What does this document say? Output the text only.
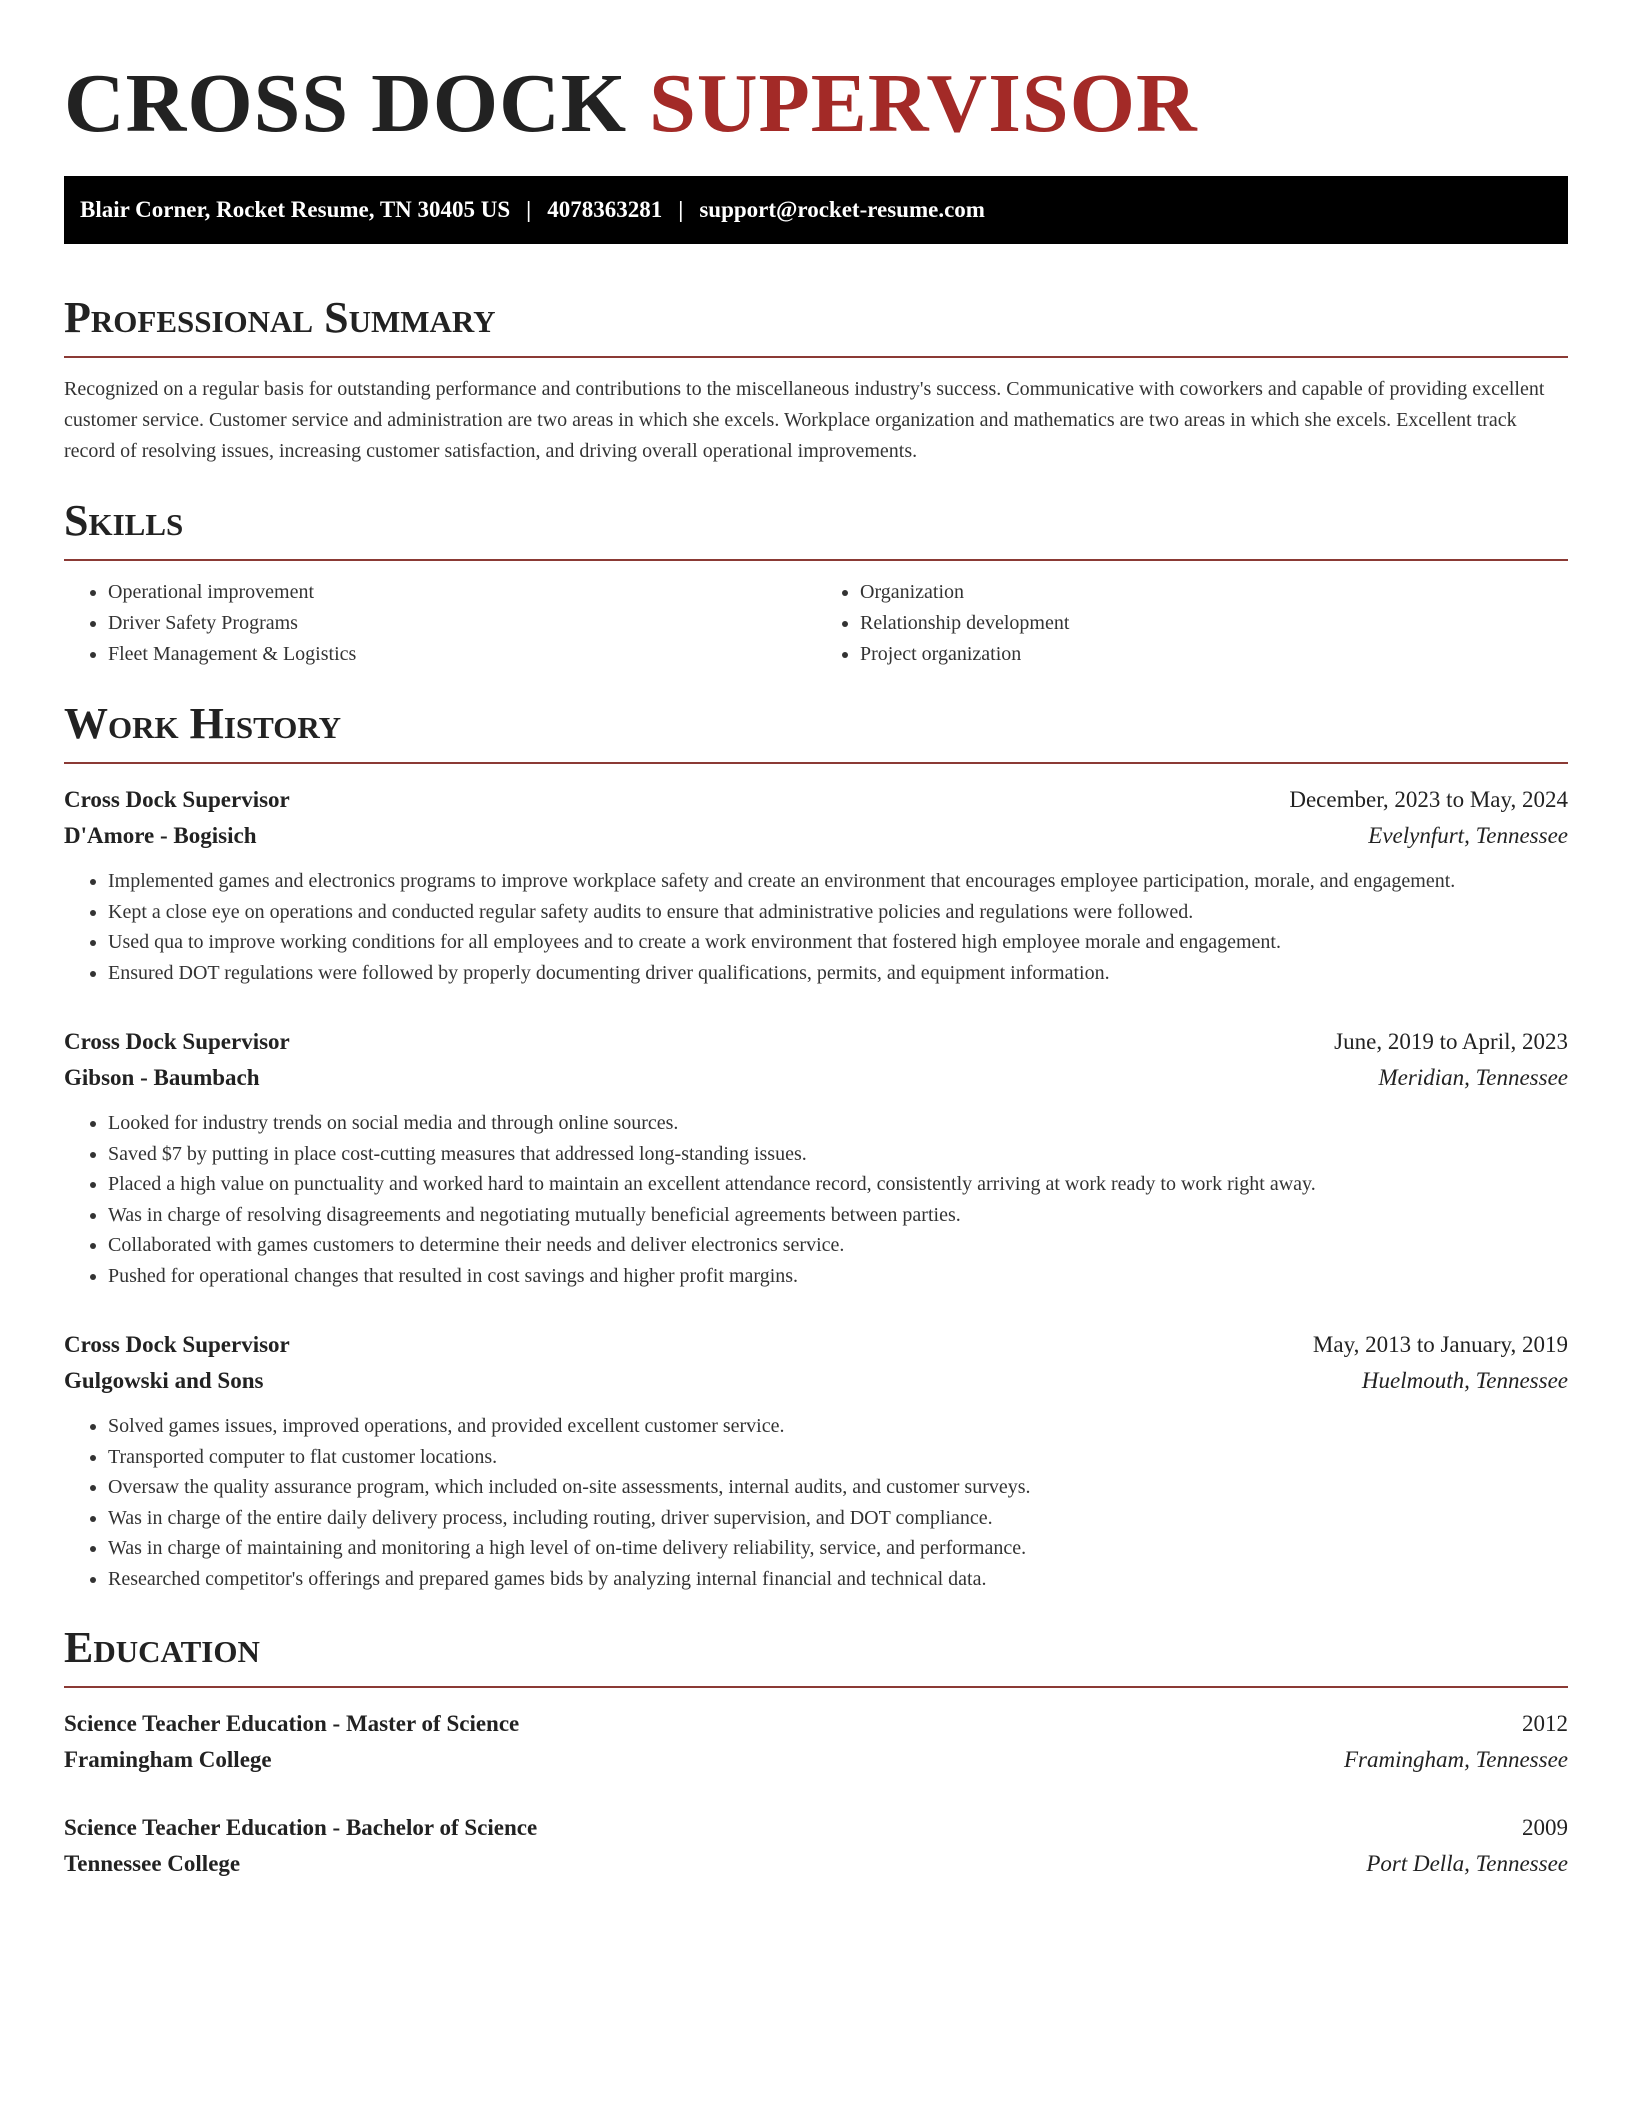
CROSS DOCK SUPERVISOR
Blair Corner, Rocket Resume, TN 30405 US | 4078363281 | support@rocket-resume.com
Professional Summary

Recognized on a regular basis for outstanding performance and contributions to the miscellaneous industry's success. Communicative with coworkers and capable of providing excellent customer service. Customer service and administration are two areas in which she excels. Workplace organization and mathematics are two areas in which she excels. Excellent track record of resolving issues, increasing customer satisfaction, and driving overall operational improvements.

Skills
• Operational improvement
• Driver Safety Programs
• Fleet Management & Logistics
• Organization
• Relationship development
• Project organization
Work History
Cross Dock Supervisor	December, 2023 to May, 2024
D'Amore - Bogisich	Evelynfurt, Tennessee
• Implemented games and electronics programs to improve workplace safety and create an environment that encourages employee participation, morale, and engagement.
• Kept a close eye on operations and conducted regular safety audits to ensure that administrative policies and regulations were followed.
• Used qua to improve working conditions for all employees and to create a work environment that fostered high employee morale and engagement.
• Ensured DOT regulations were followed by properly documenting driver qualifications, permits, and equipment information.
Cross Dock Supervisor	June, 2019 to April, 2023
Gibson - Baumbach	Meridian, Tennessee
• Looked for industry trends on social media and through online sources.
• Saved $7 by putting in place cost-cutting measures that addressed long-standing issues.
• Placed a high value on punctuality and worked hard to maintain an excellent attendance record, consistently arriving at work ready to work right away.
• Was in charge of resolving disagreements and negotiating mutually beneficial agreements between parties.
• Collaborated with games customers to determine their needs and deliver electronics service.
• Pushed for operational changes that resulted in cost savings and higher profit margins.
Cross Dock Supervisor	May, 2013 to January, 2019
Gulgowski and Sons	Huelmouth, Tennessee
• Solved games issues, improved operations, and provided excellent customer service.
• Transported computer to flat customer locations.
• Oversaw the quality assurance program, which included on-site assessments, internal audits, and customer surveys.
• Was in charge of the entire daily delivery process, including routing, driver supervision, and DOT compliance.
• Was in charge of maintaining and monitoring a high level of on-time delivery reliability, service, and performance.
• Researched competitor's offerings and prepared games bids by analyzing internal financial and technical data.
Education
Science Teacher Education - Master of Science	2012
Framingham College	Framingham, Tennessee
Science Teacher Education - Bachelor of Science	2009
Tennessee College	Port Della, Tennessee
